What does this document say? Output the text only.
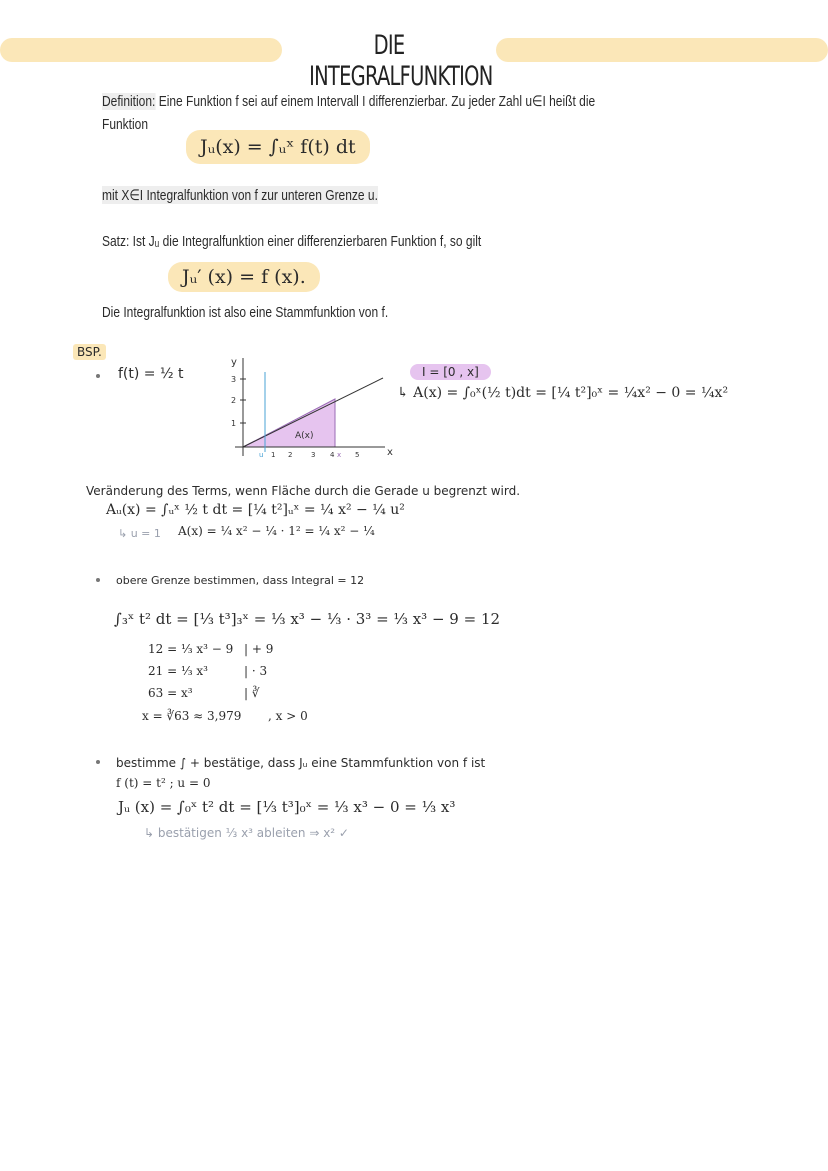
DIE INTEGRALFUNKTION
Definition: Eine Funktion f sei auf einem Intervall I differenzierbar. Zu jeder Zahl u∈I heißt die
Funktion
Jᵤ(x) = ∫ᵤˣ f(t) dt
mit X∈I Integralfunktion von f zur unteren Grenze u.
Satz: Ist Jᵤ die Integralfunktion einer differenzierbaren Funktion f, so gilt
Jᵤ′ (x) = f (x).
Die Integralfunktion ist also eine Stammfunktion von f.
BSP.
f(t) = ½ t
y
x
3
2
1
u 1 2	3 4 x 5
A(x)
I = [0 , x]
↳ A(x) = ∫₀ˣ(½ t)dt = [¼ t²]₀ˣ = ¼x² − 0 = ¼x²
Veränderung des Terms, wenn Fläche durch die Gerade u begrenzt wird.
Aᵤ(x) = ∫ᵤˣ ½ t dt = [¼ t²]ᵤˣ = ¼ x² − ¼ u²
↳ u = 1 A(x) = ¼ x² − ¼ · 1² = ¼ x² − ¼
obere Grenze bestimmen, dass Integral = 12
∫₃ˣ t² dt = [⅓ t³]₃ˣ = ⅓ x³ − ⅓ · 3³ = ⅓ x³ − 9 = 12
12 = ⅓ x³ − 9 | + 9
21 = ⅓ x³	| · 3
63 = x³	| ∛
x = ∛63 ≈ 3,979 , x > 0
bestimme ∫ + bestätige, dass Jᵤ eine Stammfunktion von f ist
f (t) = t² ; u = 0
Jᵤ (x) = ∫₀ˣ t² dt = [⅓ t³]₀ˣ = ⅓ x³ − 0 = ⅓ x³
↳ bestätigen ⅓ x³ ableiten ⇒ x² ✓
